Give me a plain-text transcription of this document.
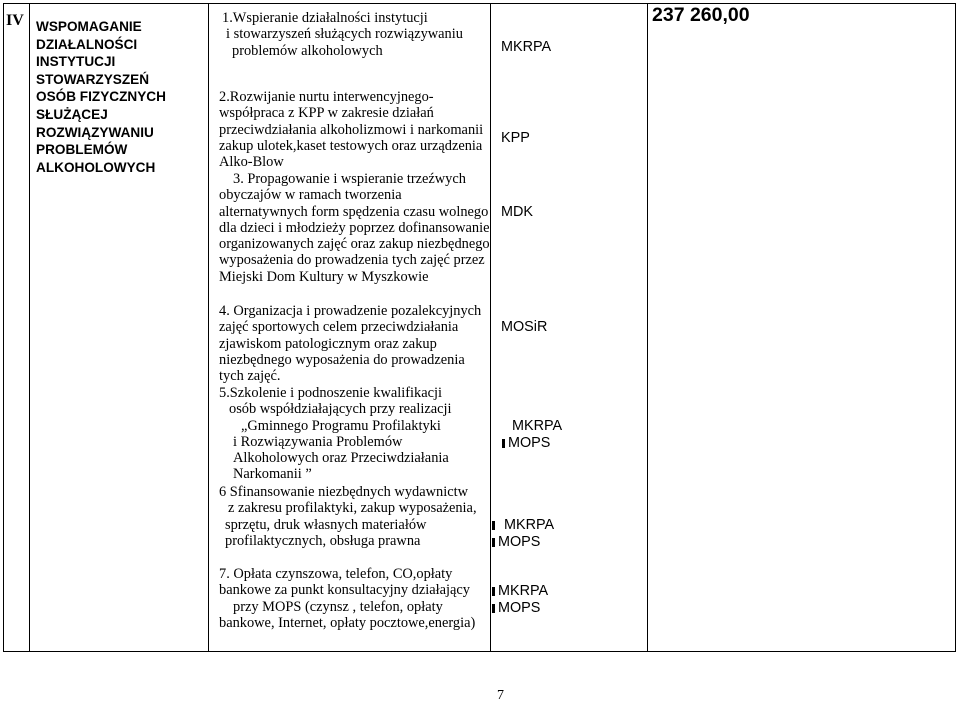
IV WSPOMAGANIE
DZIAŁALNOŚCI
INSTYTUCJI
STOWARZYSZEŃ
OSÓB FIZYCZNYCH
SŁUŻĄCEJ
ROZWIĄZYWANIU
PROBLEMÓW
ALKOHOLOWYCH
237 260,00
1.Wspieranie działalności instytucji
i stowarzyszeń służących rozwiązywaniu
problemów alkoholowych	MKRPA
2.Rozwijanie nurtu interwencyjnego-
współpraca z KPP w zakresie działań
przeciwdziałania alkoholizmowi i narkomanii
zakup ulotek,kaset testowych oraz urządzenia
Alko-Blow
KPP
3. Propagowanie i wspieranie trzeźwych
obyczajów w ramach tworzenia
alternatywnych form spędzenia czasu wolnego
dla dzieci i młodzieży poprzez dofinansowanie
organizowanych zajęć oraz zakup niezbędnego
wyposażenia do prowadzenia tych zajęć przez
Miejski Dom Kultury w Myszkowie
MDK
4. Organizacja i prowadzenie pozalekcyjnych
zajęć sportowych celem przeciwdziałania
zjawiskom patologicznym oraz zakup
niezbędnego wyposażenia do prowadzenia
tych zajęć.
MOSiR
5.Szkolenie i podnoszenie kwalifikacji
osób współdziałających przy realizacji
„Gminnego Programu Profilaktyki
i Rozwiązywania Problemów
Alkoholowych oraz Przeciwdziałania
Narkomanii ”
MKRPA
MOPS
6 Sfinansowanie niezbędnych wydawnictw
z zakresu profilaktyki, zakup wyposażenia,
sprzętu, druk własnych materiałów
profilaktycznych, obsługa prawna
MKRPA
MOPS
7. Opłata czynszowa, telefon, CO,opłaty
bankowe za punkt konsultacyjny działający
przy MOPS (czynsz , telefon, opłaty
bankowe, Internet, opłaty pocztowe,energia)
MKRPA
MOPS
7
